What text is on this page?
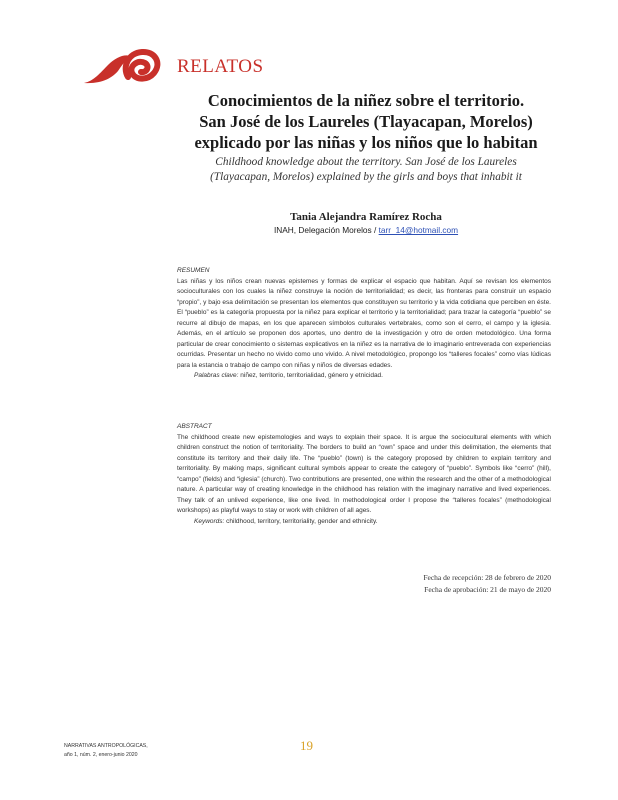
RELATOS
Conocimientos de la niñez sobre el territorio.
San José de los Laureles (Tlayacapan, Morelos)
explicado por las niñas y los niños que lo habitan
Childhood knowledge about the territory. San José de los Laureles
(Tlayacapan, Morelos) explained by the girls and boys that inhabit it
Tania Alejandra Ramírez Rocha
INAH, Delegación Morelos / tarr_14@hotmail.com
RESUMEN
Las niñas y los niños crean nuevas epistemes y formas de explicar el espacio que habitan. Aquí se revisan los elementos socioculturales con los cuales la niñez construye la noción de territorialidad; es decir, las fronteras para construir un espacio “propio”, y bajo esa delimitación se presentan los elementos que constituyen su territorio y la vida cotidiana que perciben en éste. El “pueblo” es la categoría propuesta por la niñez para explicar el territorio y la territorialidad; para trazar la categoría “pueblo” se recurre al dibujo de mapas, en los que aparecen símbolos culturales vertebrales, como son el cerro, el campo y la iglesia. Además, en el artículo se proponen dos aportes, uno dentro de la investigación y otro de orden metodológico. Una forma particular de crear conocimiento o sistemas explicativos en la niñez es la narrativa de lo imaginario entreverada con experiencias ocurridas. Presentar un hecho no vivido como uno vivido. A nivel metodológico, propongo los “talleres focales” como vías lúdicas para la estancia o trabajo de campo con niñas y niños de diversas edades.
Palabras clave: niñez, territorio, territorialidad, género y etnicidad.
ABSTRACT
The childhood create new epistemologies and ways to explain their space. It is argue the sociocultural elements with which children construct the notion of territoriality. The borders to build an “own” space and under this delimitation, the elements that constitute its territory and their daily life. The “pueblo” (town) is the category proposed by children to explain territory and territoriality. By making maps, significant cultural symbols appear to create the category of “pueblo”. Symbols like “cerro” (hill), “campo” (fields) and “iglesia” (church). Two contributions are presented, one within the research and the other of a methodological nature. A particular way of creating knowledge in the childhood has relation with the imaginary narrative and lived experiences. They talk of an unlived experience, like one lived. In methodological order I propose the “talleres focales” (methodological workshops) as playful ways to stay or work with children of all ages.
Keywords: childhood, territory, territoriality, gender and ethnicity.
Fecha de recepción: 28 de febrero de 2020
Fecha de aprobación: 21 de mayo de 2020
NARRATIVAS ANTROPOLÓGICAS,
año 1, núm. 2, enero-junio 2020
19
